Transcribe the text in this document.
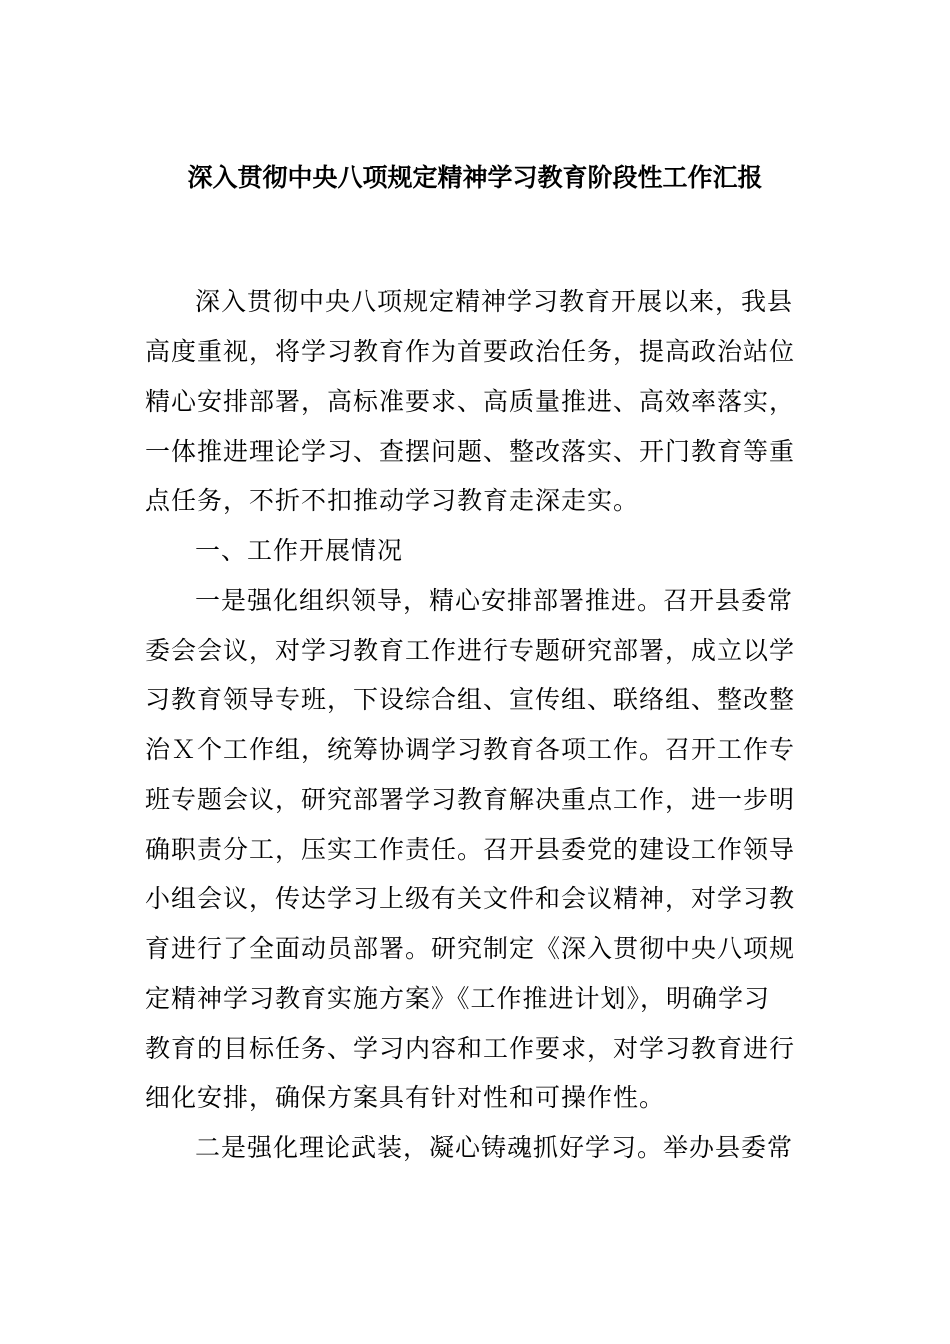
深入贯彻中央八项规定精神学习教育阶段性工作汇报
深入贯彻中央八项规定精神学习教育开展以来，我县
高度重视，将学习教育作为首要政治任务，提高政治站位
精心安排部署，高标准要求、高质量推进、高效率落实，
一体推进理论学习、查摆问题、整改落实、开门教育等重
点任务，不折不扣推动学习教育走深走实。
一、工作开展情况
一是强化组织领导，精心安排部署推进。召开县委常
委会会议，对学习教育工作进行专题研究部署，成立以学
习教育领导专班，下设综合组、宣传组、联络组、整改整
治Ｘ个工作组，统筹协调学习教育各项工作。召开工作专
班专题会议，研究部署学习教育解决重点工作，进一步明
确职责分工，压实工作责任。召开县委党的建设工作领导
小组会议，传达学习上级有关文件和会议精神，对学习教
育进行了全面动员部署。研究制定《深入贯彻中央八项规
定精神学习教育实施方案》《工作推进计划》，明确学习
教育的目标任务、学习内容和工作要求，对学习教育进行
细化安排，确保方案具有针对性和可操作性。
二是强化理论武装，凝心铸魂抓好学习。举办县委常
